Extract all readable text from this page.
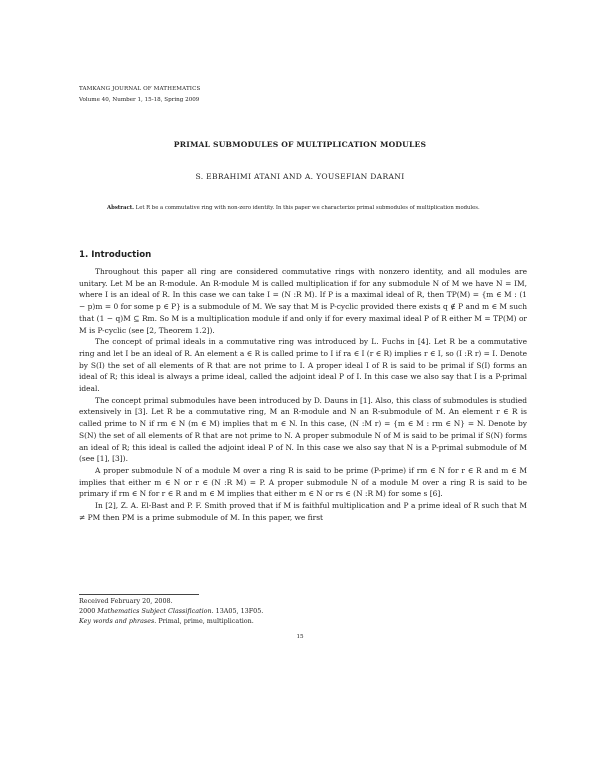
TAMKANG JOURNAL OF MATHEMATICS
Volume 40, Number 1, 15-18, Spring 2009
PRIMAL SUBMODULES OF MULTIPLICATION MODULES
S. EBRAHIMI ATANI AND A. YOUSEFIAN DARANI
Abstract. Let R be a commutative ring with non-zero identity. In this paper we characterize primal submodules of multiplication modules.
1. Introduction

Throughout this paper all ring are considered commutative rings with nonzero identity, and all modules are unitary. Let M be an R-module. An R-module M is called multiplication if for any submodule N of M we have N = IM, where I is an ideal of R. In this case we can take I = (N :R M). If P is a maximal ideal of R, then TP(M) = {m ∈ M : (1 − p)m = 0 for some p ∈ P} is a submodule of M. We say that M is P-cyclic provided there exists q ∉ P and m ∈ M such that (1 − q)M ⊆ Rm. So M is a multiplication module if and only if for every maximal ideal P of R either M = TP(M) or M is P-cyclic (see [2, Theorem 1.2]).

The concept of primal ideals in a commutative ring was introduced by L. Fuchs in [4]. Let R be a commutative ring and let I be an ideal of R. An element a ∈ R is called prime to I if ra ∈ I (r ∈ R) implies r ∈ I, so (I :R r) = I. Denote by S(I) the set of all elements of R that are not prime to I. A proper ideal I of R is said to be primal if S(I) forms an ideal of R; this ideal is always a prime ideal, called the adjoint ideal P of I. In this case we also say that I is a P-primal ideal.

The concept primal submodules have been introduced by D. Dauns in [1]. Also, this class of submodules is studied extensively in [3]. Let R be a commutative ring, M an R-module and N an R-submodule of M. An element r ∈ R is called prime to N if rm ∈ N (m ∈ M) implies that m ∈ N. In this case, (N :M r) = {m ∈ M : rm ∈ N} = N. Denote by S(N) the set of all elements of R that are not prime to N. A proper submodule N of M is said to be primal if S(N) forms an ideal of R; this ideal is called the adjoint ideal P of N. In this case we also say that N is a P-primal submodule of M (see [1], [3]).

A proper submodule N of a module M over a ring R is said to be prime (P-prime) if rm ∈ N for r ∈ R and m ∈ M implies that either m ∈ N or r ∈ (N :R M) = P. A proper submodule N of a module M over a ring R is said to be primary if rm ∈ N for r ∈ R and m ∈ M implies that either m ∈ N or rs ∈ (N :R M) for some s [6].

In [2], Z. A. El-Bast and P. F. Smith proved that if M is faithful multiplication and P a prime ideal of R such that M ≠ PM then PM is a prime submodule of M. In this paper, we first

Received February 20, 2008.
2000 Mathematics Subject Classification. 13A05, 13F05.
Key words and phrases. Primal, prime, multiplication.
15
